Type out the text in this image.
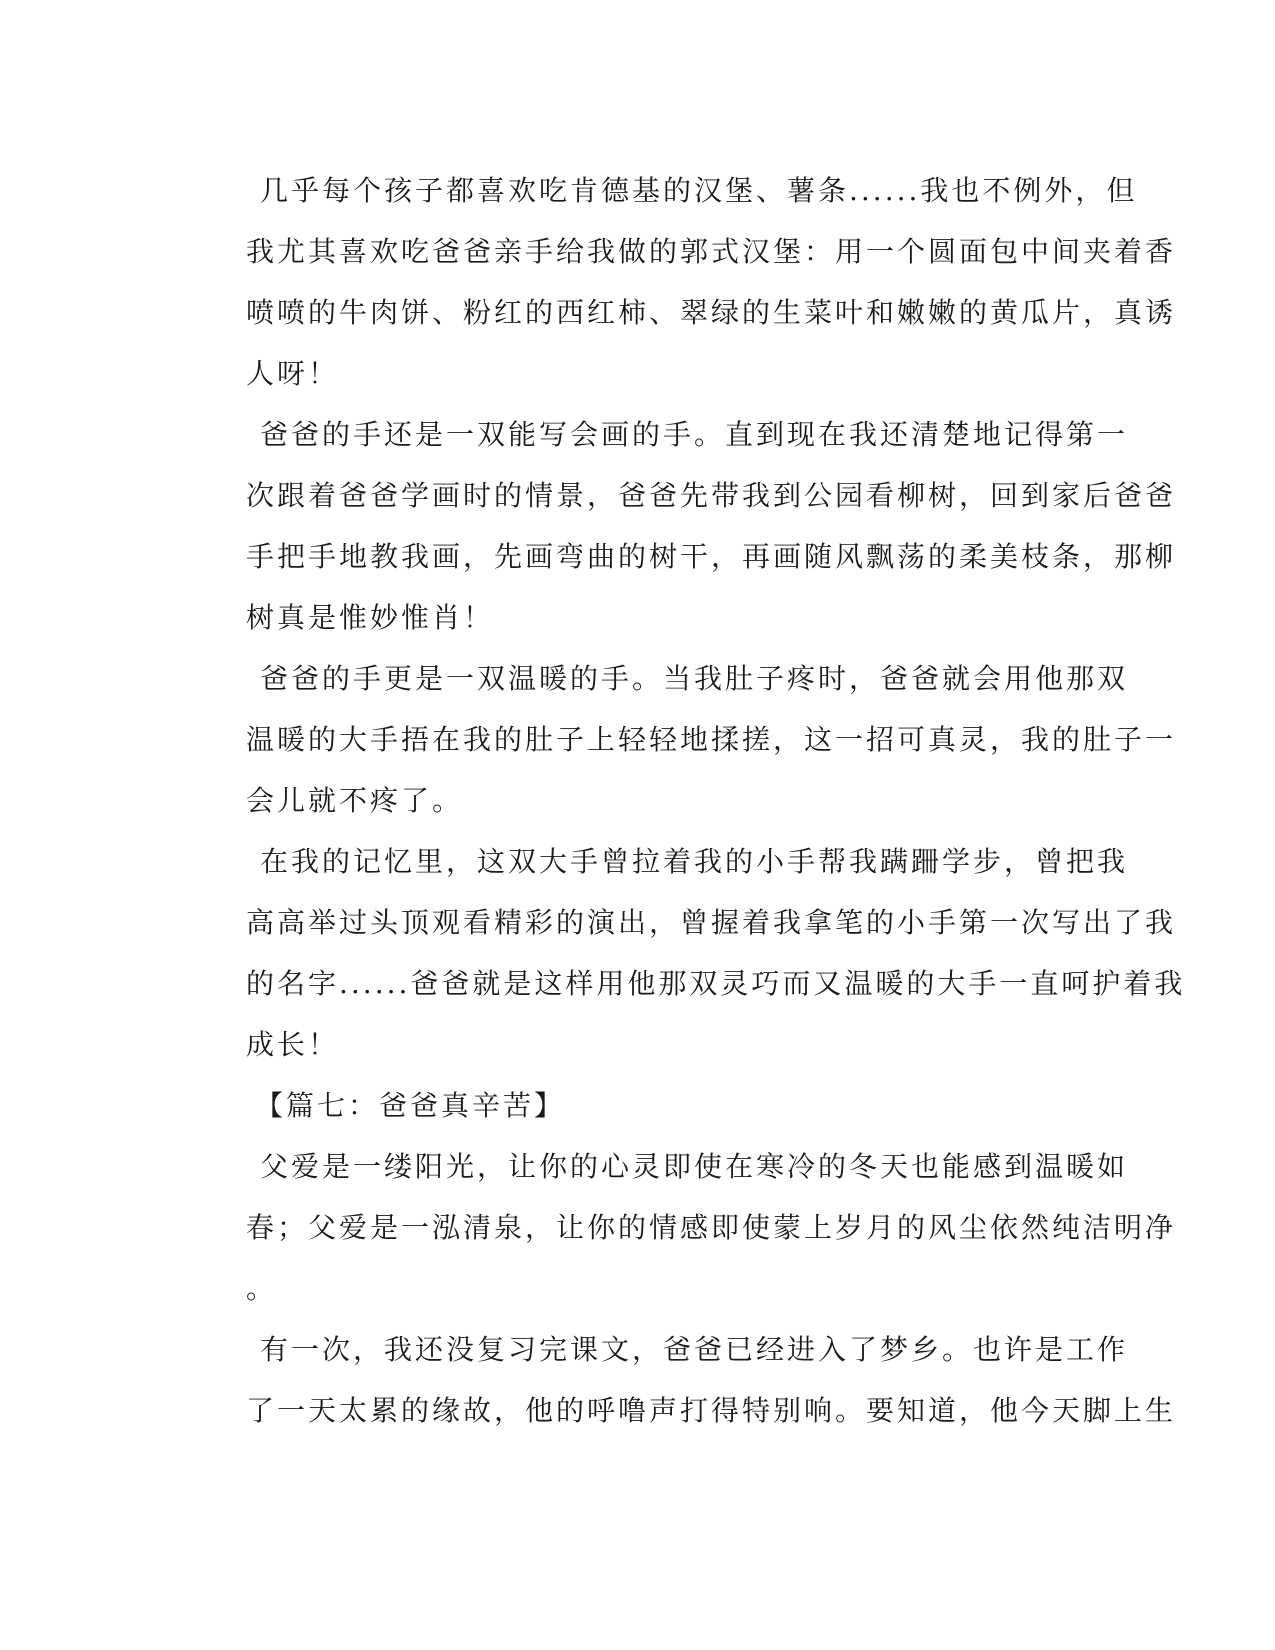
几乎每个孩子都喜欢吃肯德基的汉堡、薯条......我也不例外，但
我尤其喜欢吃爸爸亲手给我做的郭式汉堡：用一个圆面包中间夹着香
喷喷的牛肉饼、粉红的西红柿、翠绿的生菜叶和嫩嫩的黄瓜片，真诱
人呀！
爸爸的手还是一双能写会画的手。直到现在我还清楚地记得第一
次跟着爸爸学画时的情景，爸爸先带我到公园看柳树，回到家后爸爸
手把手地教我画，先画弯曲的树干，再画随风飘荡的柔美枝条，那柳
树真是惟妙惟肖！
爸爸的手更是一双温暖的手。当我肚子疼时，爸爸就会用他那双
温暖的大手捂在我的肚子上轻轻地揉搓，这一招可真灵，我的肚子一
会儿就不疼了。
在我的记忆里，这双大手曾拉着我的小手帮我蹒跚学步，曾把我
高高举过头顶观看精彩的演出，曾握着我拿笔的小手第一次写出了我
的名字......爸爸就是这样用他那双灵巧而又温暖的大手一直呵护着我
成长！
【篇七：爸爸真辛苦】
父爱是一缕阳光，让你的心灵即使在寒冷的冬天也能感到温暖如
春；父爱是一泓清泉，让你的情感即使蒙上岁月的风尘依然纯洁明净
。
有一次，我还没复习完课文，爸爸已经进入了梦乡。也许是工作
了一天太累的缘故，他的呼噜声打得特别响。要知道，他今天脚上生
